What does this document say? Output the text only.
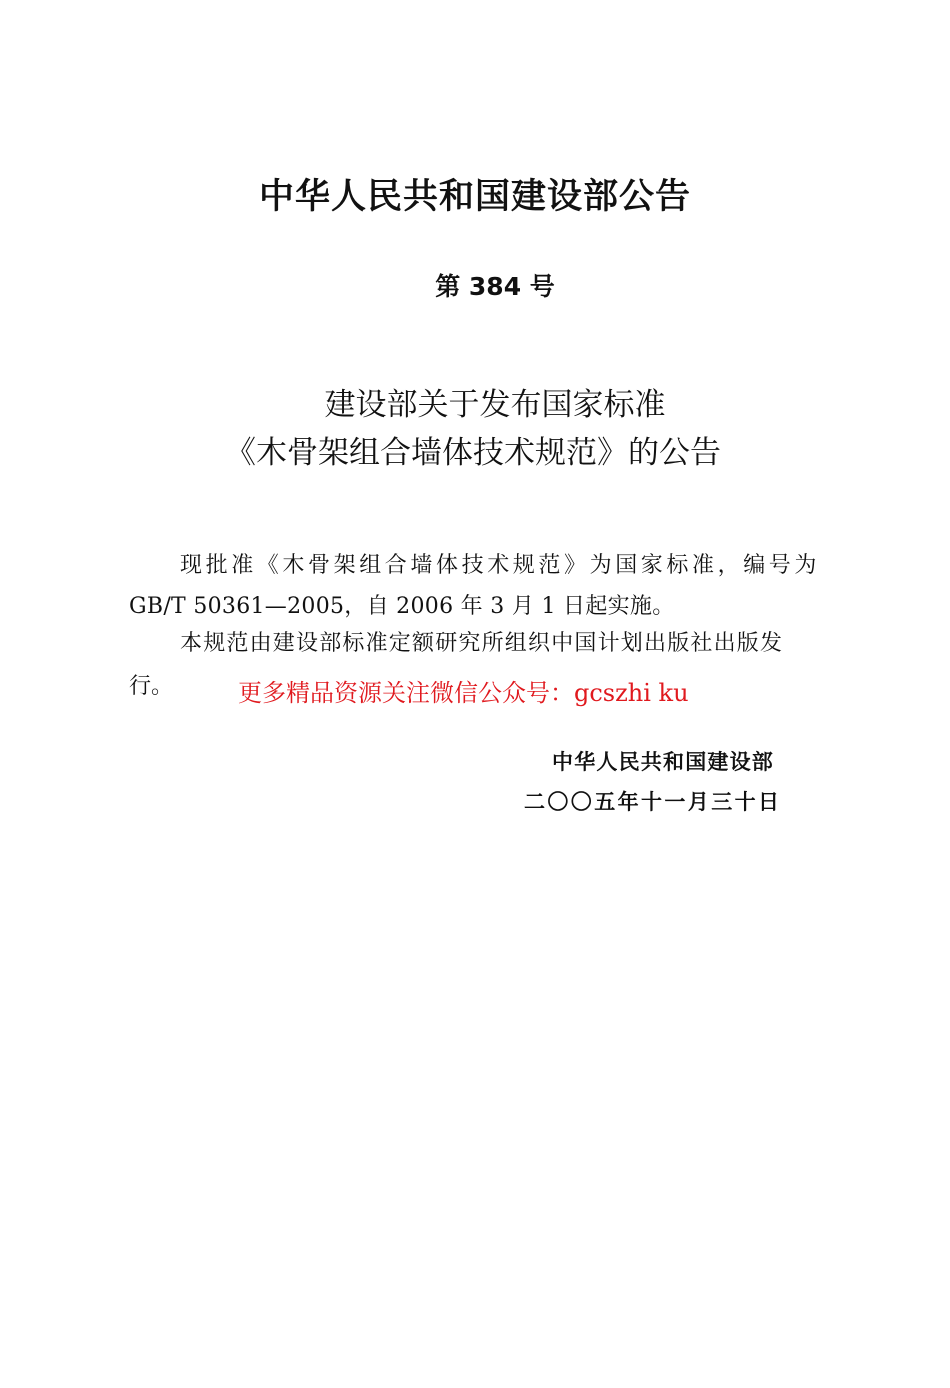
中华人民共和国建设部公告
第 384 号
建设部关于发布国家标准
《木骨架组合墙体技术规范》的公告

现批准《木骨架组合墙体技术规范》为国家标准，编号为

GB/T 50361—2005，自 2006 年 3 月 1 日起实施。

本规范由建设部标准定额研究所组织中国计划出版社出版发

行。	更多精品资源关注微信公众号：gcszhi ku

中华人民共和国建设部

二〇〇五年十一月三十日
